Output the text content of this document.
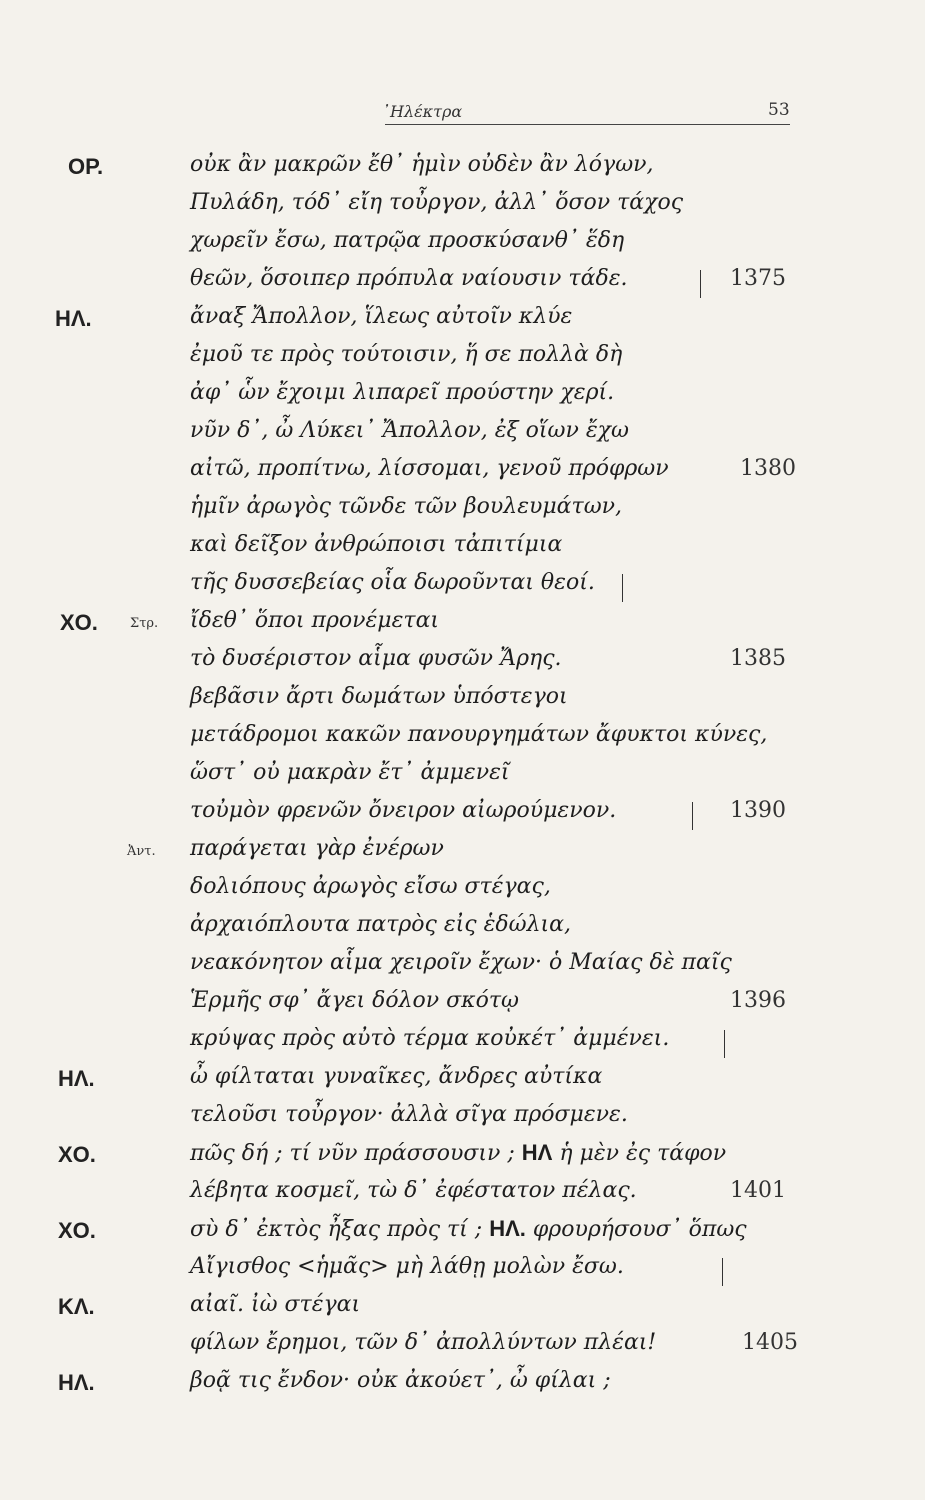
᾿Ηλέκτρα	53
ΟΡ.	οὐκ ἂν μακρῶν ἔθ᾿ ἡμὶν οὐδὲν ἂν λόγων,
Πυλάδη, τόδ᾿ εἴη τοὖργον, ἀλλ᾿ ὅσον τάχος
χωρεῖν ἔσω, πατρῷα προσκύσανθ᾿ ἕδη
θεῶν, ὅσοιπερ πρόπυλα ναίουσιν τάδε.	1375
ΗΛ.	ἄναξ Ἄπολλον, ἵλεως αὐτοῖν κλύε
ἐμοῦ τε πρὸς τούτοισιν, ἥ σε πολλὰ δὴ
ἀφ᾿ ὧν ἔχοιμι λιπαρεῖ προύστην χερί.
νῦν δ᾿, ὦ Λύκει᾿ Ἄπολλον, ἐξ οἵων ἔχω
αἰτῶ, προπίτνω, λίσσομαι, γενοῦ πρόφρων	1380
ἡμῖν ἀρωγὸς τῶνδε τῶν βουλευμάτων,
καὶ δεῖξον ἀνθρώποισι τἀπιτίμια
τῆς δυσσεβείας οἷα δωροῦνται θεοί.
ΧΟ. Στρ. ἴδεθ᾿ ὅποι προνέμεται
τὸ δυσέριστον αἷμα φυσῶν Ἄρης.	1385
βεβᾶσιν ἄρτι δωμάτων ὑπόστεγοι
μετάδρομοι κακῶν πανουργημάτων ἄφυκτοι κύνες,
ὥστ᾿ οὐ μακρὰν ἔτ᾿ ἀμμενεῖ
τοὐμὸν φρενῶν ὄνειρον αἰωρούμενον.	1390
Ἀντ. παράγεται γὰρ ἐνέρων
δολιόπους ἀρωγὸς εἴσω στέγας,
ἀρχαιόπλουτα πατρὸς εἰς ἑδώλια,
νεακόνητον αἷμα χειροῖν ἔχων· ὁ Μαίας δὲ παῖς
Ἑρμῆς σφ᾿ ἄγει δόλον σκότῳ	1396
κρύψας πρὸς αὐτὸ τέρμα κοὐκέτ᾿ ἀμμένει.
ΗΛ.	ὦ φίλταται γυναῖκες, ἄνδρες αὐτίκα
τελοῦσι τοὖργον· ἀλλὰ σῖγα πρόσμενε.
ΧΟ.	πῶς δή ; τί νῦν πράσσουσιν ; ΗΛ ἡ μὲν ἐς τάφον
λέβητα κοσμεῖ, τὼ δ᾿ ἐφέστατον πέλας.	1401
ΧΟ.	σὺ δ᾿ ἐκτὸς ἦξας πρὸς τί ; ΗΛ. φρουρήσουσ᾿ ὅπως
Αἴγισθος <ἡμᾶς> μὴ λάθῃ μολὼν ἔσω.
ΚΛ.	αἰαῖ. ἰὼ στέγαι
φίλων ἔρημοι, τῶν δ᾿ ἀπολλύντων πλέαι!	1405
ΗΛ.	βοᾷ τις ἔνδον· οὐκ ἀκούετ᾿, ὦ φίλαι ;
